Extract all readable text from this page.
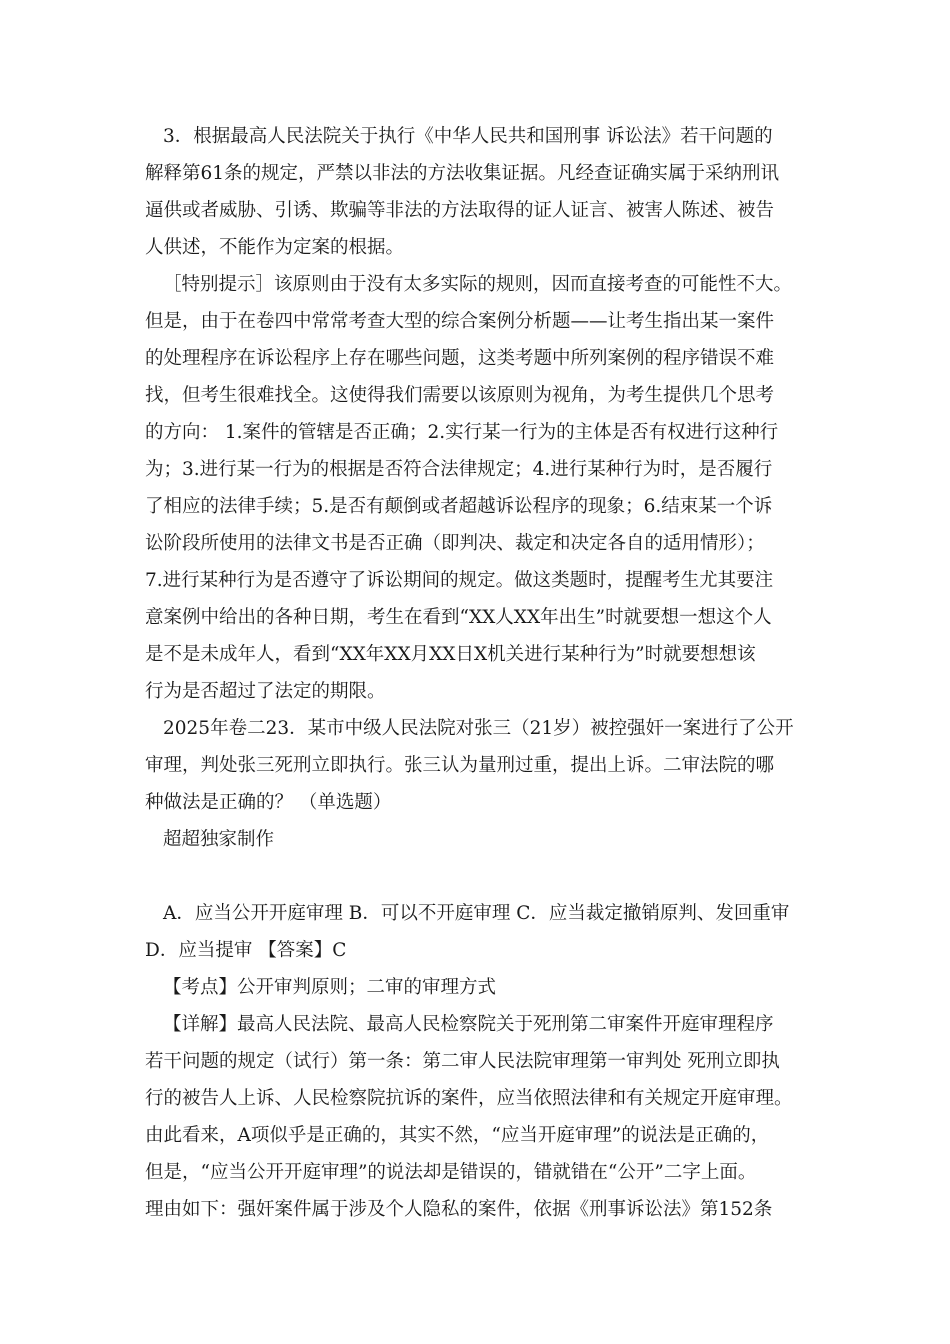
3．根据最高人民法院关于执行《中华人民共和国刑事 诉讼法》若干问题的
解释第61条的规定，严禁以非法的方法收集证据。凡经查证确实属于采纳刑讯
逼供或者威胁、引诱、欺骗等非法的方法取得的证人证言、被害人陈述、被告
人供述，不能作为定案的根据。
［特别提示］该原则由于没有太多实际的规则，因而直接考查的可能性不大。
但是，由于在卷四中常常考查大型的综合案例分析题——让考生指出某一案件
的处理程序在诉讼程序上存在哪些问题，这类考题中所列案例的程序错误不难
找，但考生很难找全。这使得我们需要以该原则为视角，为考生提供几个思考
的方向： 1.案件的管辖是否正确；2.实行某一行为的主体是否有权进行这种行
为；3.进行某一行为的根据是否符合法律规定；4.进行某种行为时，是否履行
了相应的法律手续；5.是否有颠倒或者超越诉讼程序的现象；6.结束某一个诉
讼阶段所使用的法律文书是否正确（即判决、裁定和决定各自的适用情形）；
7.进行某种行为是否遵守了诉讼期间的规定。做这类题时，提醒考生尤其要注
意案例中给出的各种日期，考生在看到“XX人XX年出生”时就要想一想这个人
是不是未成年人，看到“XX年XX月XX日X机关进行某种行为”时就要想想该
行为是否超过了法定的期限。
2025年卷二23．某市中级人民法院对张三（21岁）被控强奸一案进行了公开
审理，判处张三死刑立即执行。张三认为量刑过重，提出上诉。二审法院的哪
种做法是正确的？ （单选题）
超超独家制作
A．应当公开开庭审理 B．可以不开庭审理 C．应当裁定撤销原判、发回重审
D．应当提审 【答案】C
【考点】公开审判原则；二审的审理方式
【详解】最高人民法院、最高人民检察院关于死刑第二审案件开庭审理程序
若干问题的规定（试行）第一条：第二审人民法院审理第一审判处 死刑立即执
行的被告人上诉、人民检察院抗诉的案件，应当依照法律和有关规定开庭审理。
由此看来，A项似乎是正确的，其实不然，“应当开庭审理”的说法是正确的，
但是，“应当公开开庭审理”的说法却是错误的，错就错在“公开”二字上面。
理由如下：强奸案件属于涉及个人隐私的案件，依据《刑事诉讼法》第152条
